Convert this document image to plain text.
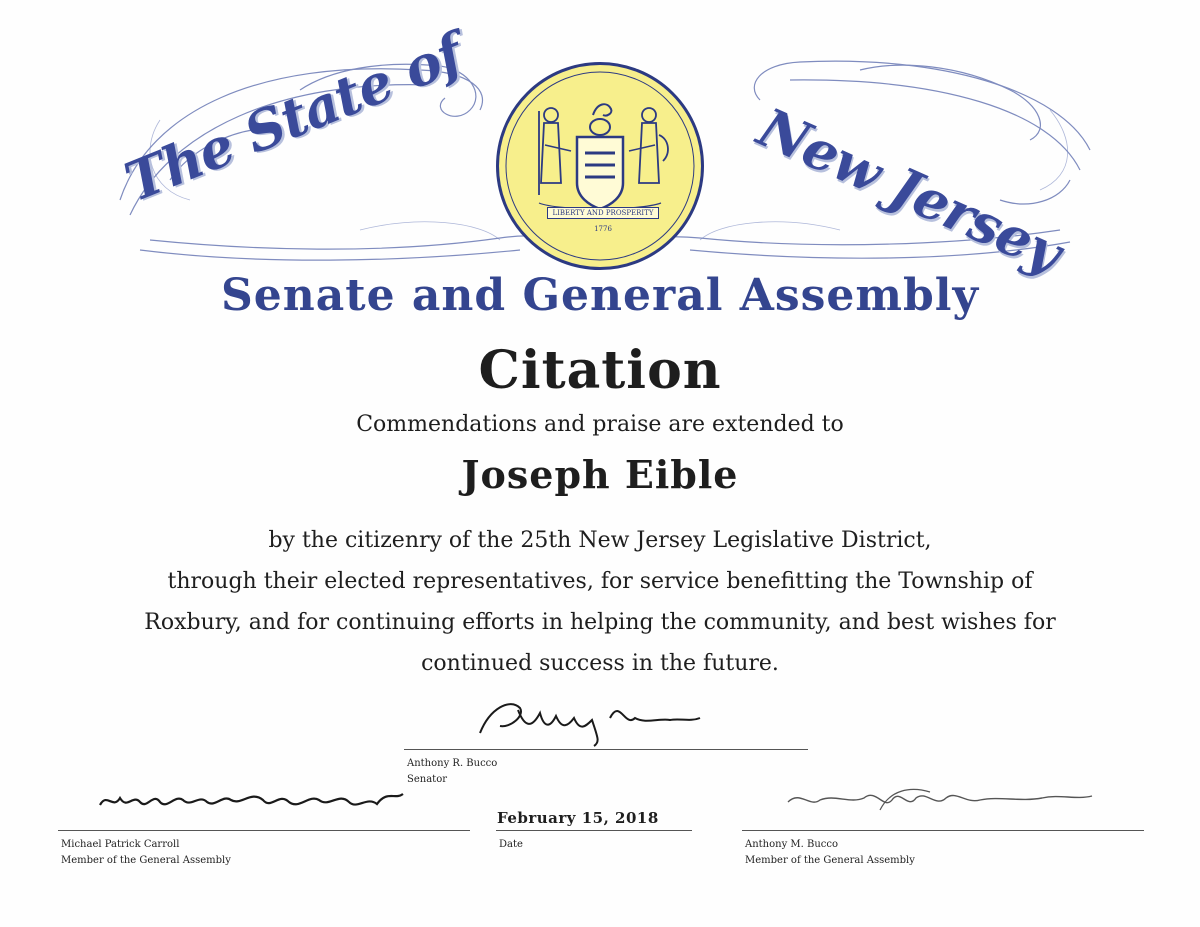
The State of	New Jersey
LIBERTY AND PROSPERITY
1776
Senate and General Assembly
Citation
Commendations and praise are extended to
Joseph Eible
by the citizenry of the 25th New Jersey Legislative District,
through their elected representatives, for service benefitting the Township of
Roxbury, and for continuing efforts in helping the community, and best wishes for
continued success in the future.
Anthony R. Bucco
Senator
Michael Patrick Carroll
Member of the General Assembly
February 15, 2018
Date	Anthony M. Bucco
Member of the General Assembly
